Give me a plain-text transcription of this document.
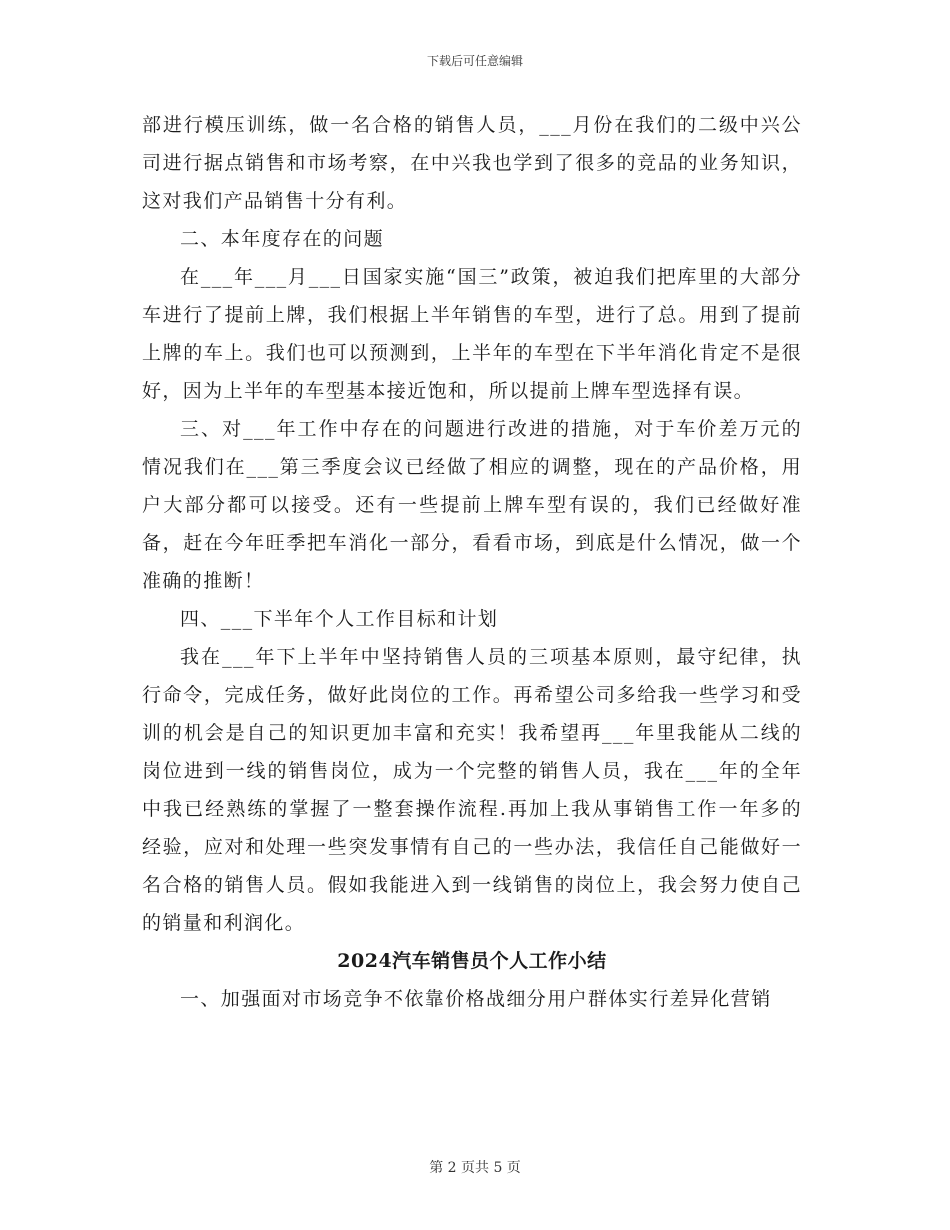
下载后可任意编辑

部进行模压训练，做一名合格的销售人员，___月份在我们的二级中兴公司进行据点销售和市场考察，在中兴我也学到了很多的竞品的业务知识，这对我们产品销售十分有利。

二、本年度存在的问题

在___年___月___日国家实施“国三”政策，被迫我们把库里的大部分车进行了提前上牌，我们根据上半年销售的车型，进行了总。用到了提前上牌的车上。我们也可以预测到，上半年的车型在下半年消化肯定不是很好，因为上半年的车型基本接近饱和，所以提前上牌车型选择有误。

三、对___年工作中存在的问题进行改进的措施，对于车价差万元的情况我们在___第三季度会议已经做了相应的调整，现在的产品价格，用户大部分都可以接受。还有一些提前上牌车型有误的，我们已经做好准备，赶在今年旺季把车消化一部分，看看市场，到底是什么情况，做一个准确的推断！

四、___下半年个人工作目标和计划

我在___年下上半年中坚持销售人员的三项基本原则，最守纪律，执行命令，完成任务，做好此岗位的工作。再希望公司多给我一些学习和受训的机会是自己的知识更加丰富和充实！我希望再___年里我能从二线的岗位进到一线的销售岗位，成为一个完整的销售人员，我在___年的全年中我已经熟练的掌握了一整套操作流程.再加上我从事销售工作一年多的经验，应对和处理一些突发事情有自己的一些办法，我信任自己能做好一名合格的销售人员。假如我能进入到一线销售的岗位上，我会努力使自己的销量和利润化。

2024汽车销售员个人工作小结

一、加强面对市场竞争不依靠价格战细分用户群体实行差异化营销

第 2 页共 5 页
